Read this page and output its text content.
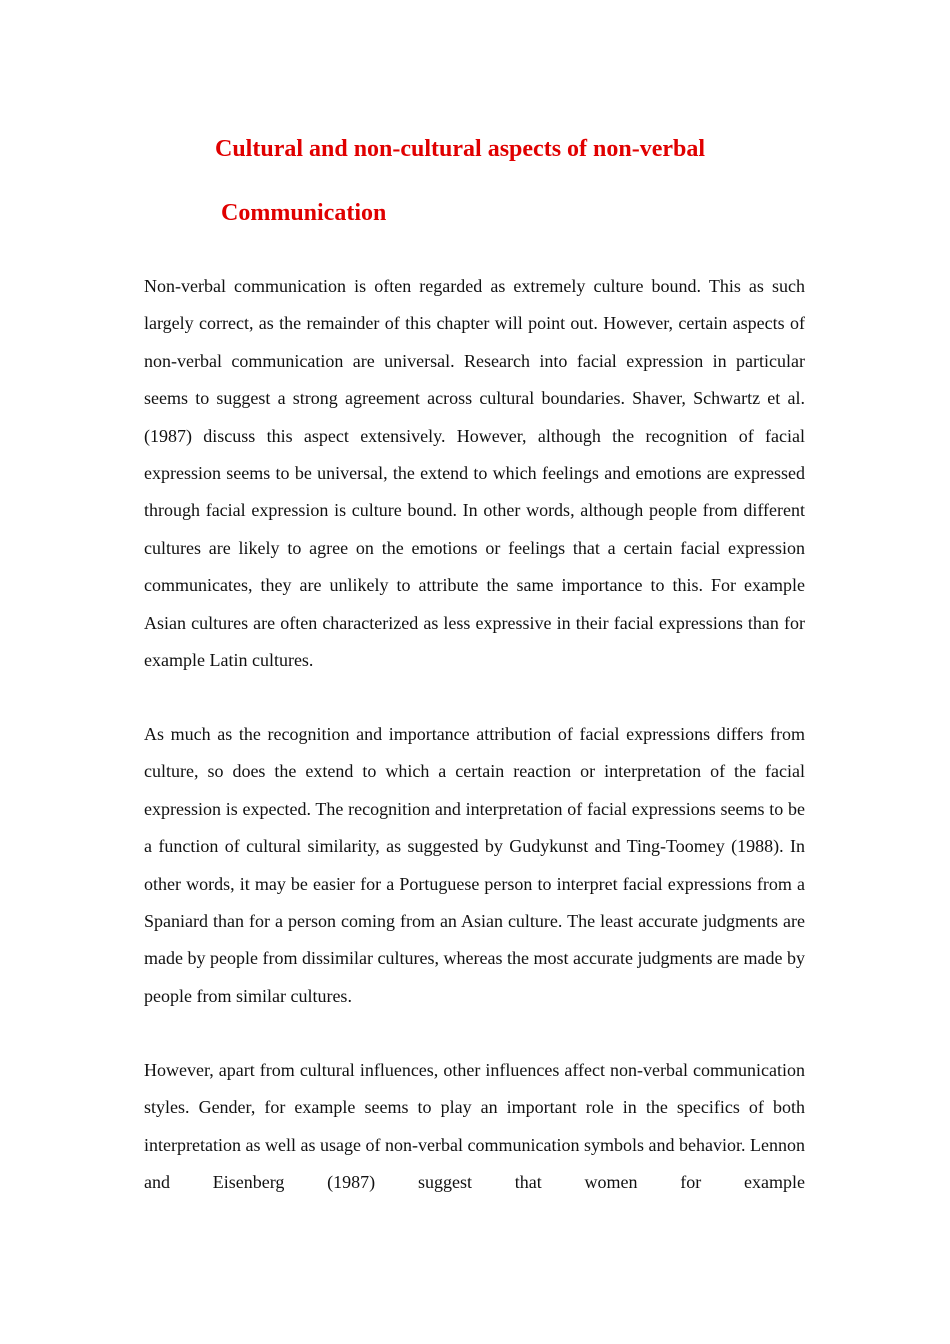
Cultural and non-cultural aspects of non-verbal
Communication

Non-verbal communication is often regarded as extremely culture bound. This as such largely correct, as the remainder of this chapter will point out. However, certain aspects of non-verbal communication are universal. Research into facial expression in particular seems to suggest a strong agreement across cultural boundaries. Shaver, Schwartz et al. (1987) discuss this aspect extensively. However, although the recognition of facial expression seems to be universal, the extend to which feelings and emotions are expressed through facial expression is culture bound. In other words, although people from different cultures are likely to agree on the emotions or feelings that a certain facial expression communicates, they are unlikely to attribute the same importance to this. For example Asian cultures are often characterized as less expressive in their facial expressions than for example Latin cultures.

As much as the recognition and importance attribution of facial expressions differs from culture, so does the extend to which a certain reaction or interpretation of the facial expression is expected. The recognition and interpretation of facial expressions seems to be a function of cultural similarity, as suggested by Gudykunst and Ting-Toomey (1988). In other words, it may be easier for a Portuguese person to interpret facial expressions from a Spaniard than for a person coming from an Asian culture. The least accurate judgments are made by people from dissimilar cultures, whereas the most accurate judgments are made by people from similar cultures.

However, apart from cultural influences, other influences affect non-verbal communication styles. Gender, for example seems to play an important role in the specifics of both interpretation as well as usage of non-verbal communication symbols and behavior. Lennon and Eisenberg (1987) suggest that women for example
